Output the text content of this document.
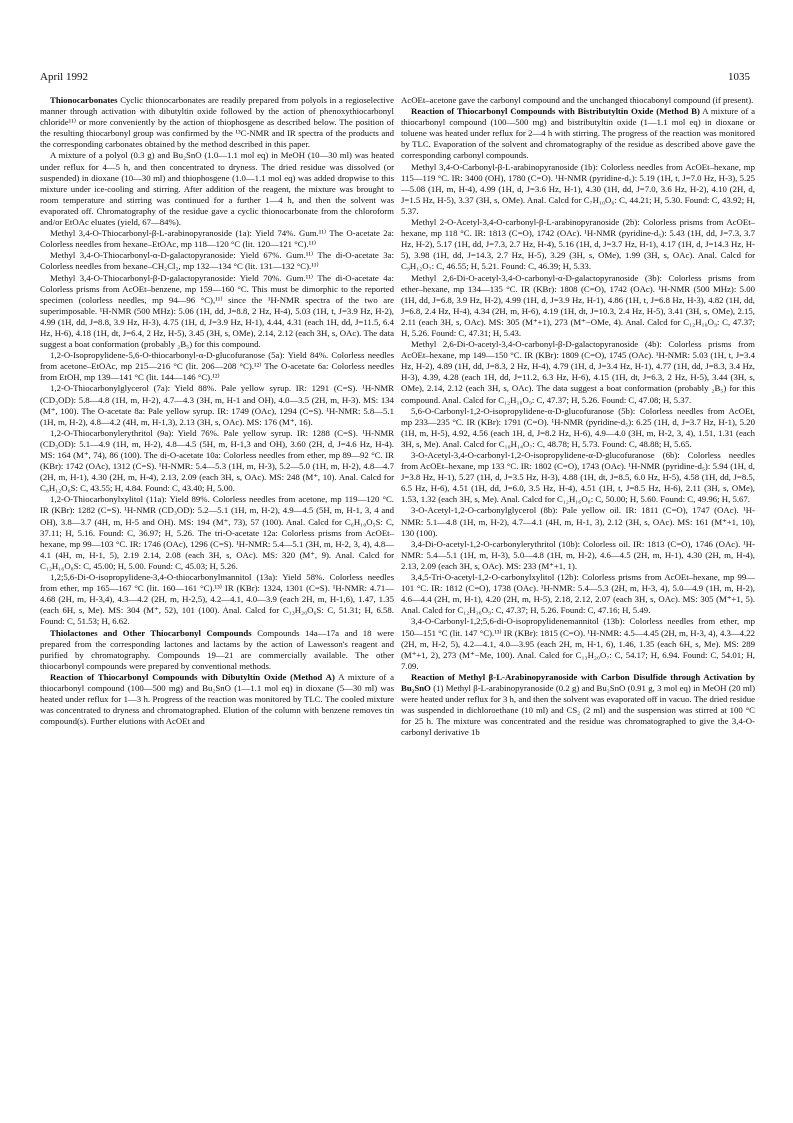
April 1992	1035

Thionocarbonates Cyclic thionocarbonates are readily prepared from polyols in a regioselective manner through activation with dibutyltin oxide followed by the action of phenoxythiocarbonyl chloride¹¹⁾ or more conveniently by the action of thiophosgene as described below. The position of the resulting thiocarbonyl group was confirmed by the ¹³C-NMR and IR spectra of the products and the corresponding carbonates obtained by the method described in this paper.

A mixture of a polyol (0.3 g) and Bu₂SnO (1.0—1.1 mol eq) in MeOH (10—30 ml) was heated under reflux for 4—5 h, and then concentrated to dryness. The dried residue was dissolved (or suspended) in dioxane (10—30 ml) and thiophosgene (1.0—1.1 mol eq) was added dropwise to this mixture under ice-cooling and stirring. After addition of the reagent, the mixture was brought to room temperature and stirring was continued for a further 1—4 h, and then the solvent was evaporated off. Chromatography of the residue gave a cyclic thionocarbonate from the chloroform and/or EtOAc eluates (yield, 67—84%).

Methyl 3,4-O-Thiocarbonyl-β-L-arabinopyranoside (1a): Yield 74%. Gum.¹¹⁾ The O-acetate 2a: Colorless needles from hexane–EtOAc, mp 118—120 °C (lit. 120—121 °C).¹¹⁾

Methyl 3,4-O-Thiocarbonyl-α-D-galactopyranoside: Yield 67%. Gum.¹¹⁾ The di-O-acetate 3a: Colorless needles from hexane–CH₂Cl₂, mp 132—134 °C (lit. 131—132 °C).¹¹⁾

Methyl 3,4-O-Thiocarbonyl-β-D-galactopyranoside: Yield 70%. Gum.¹¹⁾ The di-O-acetate 4a: Colorless prisms from AcOEt–benzene, mp 159—160 °C. This must be dimorphic to the reported specimen (colorless needles, mp 94—96 °C),¹¹⁾ since the ¹H-NMR spectra of the two are superimposable. ¹H-NMR (500 MHz): 5.06 (1H, dd, J=8.8, 2 Hz, H-4), 5.03 (1H, t, J=3.9 Hz, H-2), 4.99 (1H, dd, J=8.8, 3.9 Hz, H-3), 4.75 (1H, d, J=3.9 Hz, H-1), 4.44, 4.31 (each 1H, dd, J=11.5, 6.4 Hz, H-6), 4.18 (1H, dt, J=6.4, 2 Hz, H-5), 3.45 (3H, s, OMe), 2.14, 2.12 (each 3H, s, OAc). The data suggest a boat conformation (probably ₂B₅) for this compound.

1,2-O-Isopropylidene-5,6-O-thiocarbonyl-α-D-glucofuranose (5a): Yield 84%. Colorless needles from acetone–EtOAc, mp 215—216 °C (lit. 206—208 °C).¹²⁾ The O-acetate 6a: Colorless needles from EtOH, mp 139—141 °C (lit. 144—146 °C).¹²⁾

1,2-O-Thiocarbonylglycerol (7a): Yield 88%. Pale yellow syrup. IR: 1291 (C=S). ¹H-NMR (CD₃OD): 5.8—4.8 (1H, m, H-2), 4.7—4.3 (3H, m, H-1 and OH), 4.0—3.5 (2H, m, H-3). MS: 134 (M⁺, 100). The O-acetate 8a: Pale yellow syrup. IR: 1749 (OAc), 1294 (C=S). ¹H-NMR: 5.8—5.1 (1H, m, H-2), 4.8—4.2 (4H, m, H-1,3), 2.13 (3H, s, OAc). MS: 176 (M⁺, 16).

1,2-O-Thiocarbonylerythritol (9a): Yield 76%. Pale yellow syrup. IR: 1288 (C=S). ¹H-NMR (CD₃OD): 5.1—4.9 (1H, m, H-2), 4.8—4.5 (5H, m, H-1,3 and OH), 3.60 (2H, d, J=4.6 Hz, H-4). MS: 164 (M⁺, 74), 86 (100). The di-O-acetate 10a: Colorless needles from ether, mp 89—92 °C. IR (KBr): 1742 (OAc), 1312 (C=S). ¹H-NMR: 5.4—5.3 (1H, m, H-3), 5.2—5.0 (1H, m, H-2), 4.8—4.7 (2H, m, H-1), 4.30 (2H, m, H-4), 2.13, 2.09 (each 3H, s, OAc). MS: 248 (M⁺, 10). Anal. Calcd for C₈H₁₂O₆S: C, 43.55; H, 4.84. Found: C, 43.40; H, 5.00.

1,2-O-Thiocarbonylxylitol (11a): Yield 89%. Colorless needles from acetone, mp 119—120 °C. IR (KBr): 1282 (C=S). ¹H-NMR (CD₃OD): 5.2—5.1 (1H, m, H-2), 4.9—4.5 (5H, m, H-1, 3, 4 and OH), 3.8—3.7 (4H, m, H-5 and OH). MS: 194 (M⁺, 73), 57 (100). Anal. Calcd for C₆H₁₀O₅S: C, 37.11; H, 5.16. Found: C, 36.97; H, 5.26. The tri-O-acetate 12a: Colorless prisms from AcOEt–hexane, mp 99—103 °C. IR: 1746 (OAc), 1296 (C=S). ¹H-NMR: 5.4—5.1 (3H, m, H-2, 3, 4), 4.8—4.1 (4H, m, H-1, 5), 2.19 2.14, 2.08 (each 3H, s, OAc). MS: 320 (M⁺, 9). Anal. Calcd for C₁₂H₁₆O₈S: C, 45.00; H, 5.00. Found: C, 45.03; H, 5.26.

1,2;5,6-Di-O-isopropylidene-3,4-O-thiocarbonylmannitol (13a): Yield 58%. Colorless needles from ether, mp 165—167 °C (lit. 160—161 °C).¹³⁾ IR (KBr): 1324, 1301 (C=S). ¹H-NMR: 4.71—4.68 (2H, m, H-3,4), 4.3—4.2 (2H, m, H-2,5), 4.2—4.1, 4.0—3.9 (each 2H, m, H-1,6), 1.47, 1.35 (each 6H, s, Me). MS: 304 (M⁺, 52), 101 (100). Anal. Calcd for C₁₃H₂₀O₆S: C, 51.31; H, 6.58. Found: C, 51.53; H, 6.62.

Thiolactones and Other Thiocarbonyl Compounds Compounds 14a—17a and 18 were prepared from the corresponding lactones and lactams by the action of Lawesson's reagent and purified by chromatography. Compounds 19—21 are commercially available. The other thiocarbonyl compounds were prepared by conventional methods.

Reaction of Thiocarbonyl Compounds with Dibutyltin Oxide (Method A) A mixture of a thiocarbonyl compound (100—500 mg) and Bu₂SnO (1—1.1 mol eq) in dioxane (5—30 ml) was heated under reflux for 1—3 h. Progress of the reaction was monitored by TLC. The cooled mixture was concentrated to dryness and chromatographed. Elution of the column with benzene removes tin compound(s). Further elutions with AcOEt and

AcOEt–acetone gave the carbonyl compound and the unchanged thiocabonyl compound (if present).

Reaction of Thiocarbonyl Compounds with Bistributyltin Oxide (Method B) A mixture of a thiocarbonyl compound (100—500 mg) and bistributyltin oxide (1—1.1 mol eq) in dioxane or toluene was heated under reflux for 2—4 h with stirring. The progress of the reaction was monitored by TLC. Evaporation of the solvent and chromatography of the residue as described above gave the corresponding carbonyl compounds.

Methyl 3,4-O-Carbonyl-β-L-arabinopyranoside (1b): Colorless needles from AcOEt–hexane, mp 115—119 °C. IR: 3400 (OH), 1780 (C=O). ¹H-NMR (pyridine-d₅): 5.19 (1H, t, J=7.0 Hz, H-3), 5.25—5.08 (1H, m, H-4), 4.99 (1H, d, J=3.6 Hz, H-1), 4.30 (1H, dd, J=7.0, 3.6 Hz, H-2), 4.10 (2H, d, J=1.5 Hz, H-5), 3.37 (3H, s, OMe). Anal. Calcd for C₇H₁₀O₆: C, 44.21; H, 5.30. Found: C, 43.92; H, 5.37.

Methyl 2-O-Acetyl-3,4-O-carbonyl-β-L-arabinopyranoside (2b): Colorless prisms from AcOEt–hexane, mp 118 °C. IR: 1813 (C=O), 1742 (OAc). ¹H-NMR (pyridine-d₅): 5.43 (1H, dd, J=7.3, 3.7 Hz, H-2), 5.17 (1H, dd, J=7.3, 2.7 Hz, H-4), 5.16 (1H, d, J=3.7 Hz, H-1), 4.17 (1H, d, J=14.3 Hz, H-5), 3.98 (1H, dd, J=14.3, 2.7 Hz, H-5), 3.29 (3H, s, OMe), 1.99 (3H, s, OAc). Anal. Calcd for C₉H₁₂O₇: C, 46.55; H, 5.21. Found: C, 46.39; H, 5.33.

Methyl 2,6-Di-O-acetyl-3,4-O-carbonyl-α-D-galactopyranoside (3b): Colorless prisms from ether–hexane, mp 134—135 °C. IR (KBr): 1808 (C=O), 1742 (OAc). ¹H-NMR (500 MHz): 5.00 (1H, dd, J=6.8, 3.9 Hz, H-2), 4.99 (1H, d, J=3.9 Hz, H-1), 4.86 (1H, t, J=6.8 Hz, H-3), 4.82 (1H, dd, J=6.8, 2.4 Hz, H-4), 4.34 (2H, m, H-6), 4.19 (1H, dt, J=10.3, 2.4 Hz, H-5), 3.41 (3H, s, OMe), 2.15, 2.11 (each 3H, s, OAc). MS: 305 (M⁺+1), 273 (M⁺−OMe, 4). Anal. Calcd for C₁₂H₁₆O₉: C, 47.37; H, 5.26. Found: C, 47.31; H, 5.43.

Methyl 2,6-Di-O-acetyl-3,4-O-carbonyl-β-D-galactopyranoside (4b): Colorless prisms from AcOEt–hexane, mp 149—150 °C. IR (KBr): 1809 (C=O), 1745 (OAc). ¹H-NMR: 5.03 (1H, t, J=3.4 Hz, H-2), 4.89 (1H, dd, J=8.3, 2 Hz, H-4), 4.79 (1H, d, J=3.4 Hz, H-1), 4.77 (1H, dd, J=8.3, 3.4 Hz, H-3), 4.39, 4.28 (each 1H, dd, J=11.2, 6.3 Hz, H-6), 4.15 (1H, dt, J=6.3, 2 Hz, H-5), 3.44 (3H, s, OMe), 2.14, 2.12 (each 3H, s, OAc). The data suggest a boat conformation (probably ₂B₅) for this compound. Anal. Calcd for C₁₂H₁₆O₉: C, 47.37; H, 5.26. Found: C, 47.08; H, 5.37.

5,6-O-Carbonyl-1,2-O-isopropylidene-α-D-glucofuranose (5b): Colorless needles from AcOEt, mp 233—235 °C. IR (KBr): 1791 (C=O). ¹H-NMR (pyridine-d₅): 6.25 (1H, d, J=3.7 Hz, H-1), 5.20 (1H, m, H-5), 4.92, 4.56 (each 1H, d, J=8.2 Hz, H-6), 4.9—4.0 (3H, m, H-2, 3, 4), 1.51, 1.31 (each 3H, s, Me). Anal. Calcd for C₁₀H₁₄O₇: C, 48.78; H, 5.73. Found: C, 48.88; H, 5.65.

3-O-Acetyl-3,4-O-carbonyl-1,2-O-isopropylidene-α-D-glucofuranose (6b): Colorless needles from AcOEt–hexane, mp 133 °C. IR: 1802 (C=O), 1743 (OAc). ¹H-NMR (pyridine-d₅): 5.94 (1H, d, J=3.8 Hz, H-1), 5.27 (1H, d, J=3.5 Hz, H-3), 4.88 (1H, dt, J=8.5, 6.0 Hz, H-5), 4.58 (1H, dd, J=8.5, 6.5 Hz, H-6), 4.51 (1H, dd, J=6.0, 3.5 Hz, H-4), 4.51 (1H, t, J=8.5 Hz, H-6), 2.11 (3H, s, OMe), 1.53, 1.32 (each 3H, s, Me). Anal. Calcd for C₁₂H₁₆O₈: C, 50.00; H, 5.60. Found: C, 49.96; H, 5.67.

3-O-Acetyl-1,2-O-carbonylglycerol (8b): Pale yellow oil. IR: 1811 (C=O), 1747 (OAc). ¹H-NMR: 5.1—4.8 (1H, m, H-2), 4.7—4.1 (4H, m, H-1, 3), 2.12 (3H, s, OAc). MS: 161 (M⁺+1, 10), 130 (100).

3,4-Di-O-acetyl-1,2-O-carbonylerythritol (10b): Colorless oil. IR: 1813 (C=O), 1746 (OAc). ¹H-NMR: 5.4—5.1 (1H, m, H-3), 5.0—4.8 (1H, m, H-2), 4.6—4.5 (2H, m, H-1), 4.30 (2H, m, H-4), 2.13, 2.09 (each 3H, s, OAc). MS: 233 (M⁺+1, 1).

3,4,5-Tri-O-acetyl-1,2-O-carbonylxylitol (12b): Colorless prisms from AcOEt–hexane, mp 99—101 °C. IR: 1812 (C=O), 1738 (OAc). ¹H-NMR: 5.4—5.3 (2H, m, H-3, 4), 5.0—4.9 (1H, m, H-2), 4.6—4.4 (2H, m, H-1), 4.20 (2H, m, H-5), 2.18, 2.12, 2.07 (each 3H, s, OAc). MS: 305 (M⁺+1, 5). Anal. Calcd for C₁₂H₁₆O₉: C, 47.37; H, 5.26. Found: C, 47.16; H, 5.49.

3,4-O-Carbonyl-1,2;5,6-di-O-isopropylidenemannitol (13b): Colorless needles from ether, mp 150—151 °C (lit. 147 °C).¹³⁾ IR (KBr): 1815 (C=O). ¹H-NMR: 4.5—4.45 (2H, m, H-3, 4), 4.3—4.22 (2H, m, H-2, 5), 4.2—4.1, 4.0—3.95 (each 2H, m, H-1, 6), 1.46, 1.35 (each 6H, s, Me). MS: 289 (M⁺+1, 2), 273 (M⁺−Me, 100). Anal. Calcd for C₁₃H₂₀O₇: C, 54.17; H, 6.94. Found: C, 54.01; H, 7.09.

Reaction of Methyl β-L-Arabinopyranoside with Carbon Disulfide through Activation by Bu₂SnO (1) Methyl β-L-arabinopyranoside (0.2 g) and Bu₂SnO (0.91 g, 3 mol eq) in MeOH (20 ml) were heated under reflux for 3 h, and then the solvent was evaporated off in vacuo. The dried residue was suspended in dichloroethane (10 ml) and CS₂ (2 ml) and the suspension was stirred at 100 °C for 25 h. The mixture was concentrated and the residue was chromatographed to give the 3,4-O-carbonyl derivative 1b
